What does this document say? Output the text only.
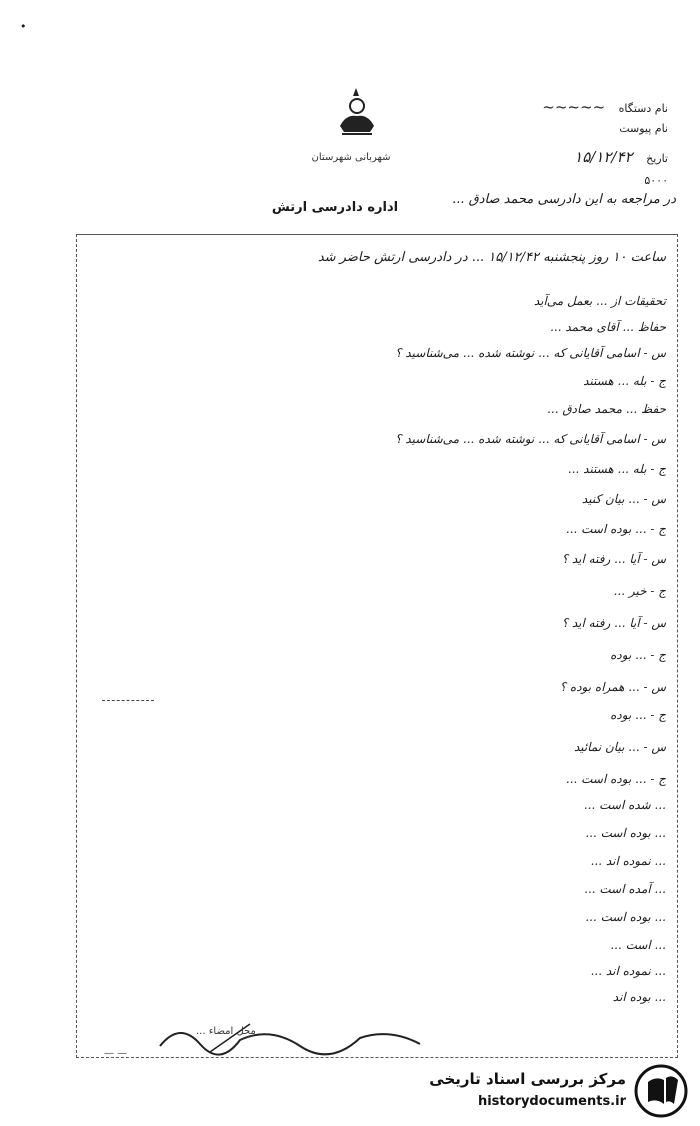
•
شهربانی شهرستان
اداره دادرسی ارتش
نام دستگاه ~~~~~
نام پیوست
تاریخ ۱۵/۱۲/۴۲
۵۰۰۰
در مراجعه به این دادرسی محمد صادق ...
ساعت ۱۰ روز پنجشنبه ۱۵/۱۲/۴۲ ... در دادرسی ارتش حاضر شد
تحقیقات از ... بعمل می‌آید
حفاظ ... آقای محمد ...
س - اسامی آقایانی که ... نوشته شده ... می‌شناسید ؟
ج - بله ... هستند
حفظ ... محمد صادق ...
س - اسامی آقایانی که ... نوشته شده ... می‌شناسید ؟
ج - بله ... هستند ...
س - ... بیان کنید
ج - ... بوده است ...
س - آیا ... رفته اید ؟
ج - خیر ...
س - آیا ... رفته اید ؟
ج - ... بوده
س - ... همراه بوده ؟
ج - ... بوده
س - ... بیان نمائید
ج - ... بوده است ...
... شده است ...
... بوده است ...
... نموده اند ...
... آمده است ...
... بوده است ...
... است ...
... نموده اند ...
... بوده اند
محل امضاء ...
— —
مرکز بررسی اسناد تاریخی
historydocuments.ir
